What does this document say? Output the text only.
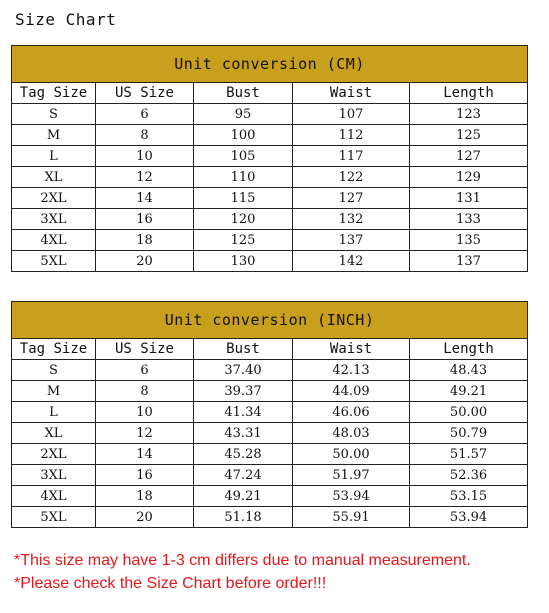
Size Chart
Unit conversion (CM)				
Tag Size	US Size	Bust	Waist	Length
S	6	95	107	123
M	8	100	112	125
L	10	105	117	127
XL	12	110	122	129
2XL	14	115	127	131
3XL	16	120	132	133
4XL	18	125	137	135
5XL	20	130	142	137
Unit conversion (INCH)				
Tag Size	US Size	Bust	Waist	Length
S	6	37.40	42.13	48.43
M	8	39.37	44.09	49.21
L	10	41.34	46.06	50.00
XL	12	43.31	48.03	50.79
2XL	14	45.28	50.00	51.57
3XL	16	47.24	51.97	52.36
4XL	18	49.21	53.94	53.15
5XL	20	51.18	55.91	53.94
*This size may have 1-3 cm differs due to manual measurement.
*Please check the Size Chart before order!!!
